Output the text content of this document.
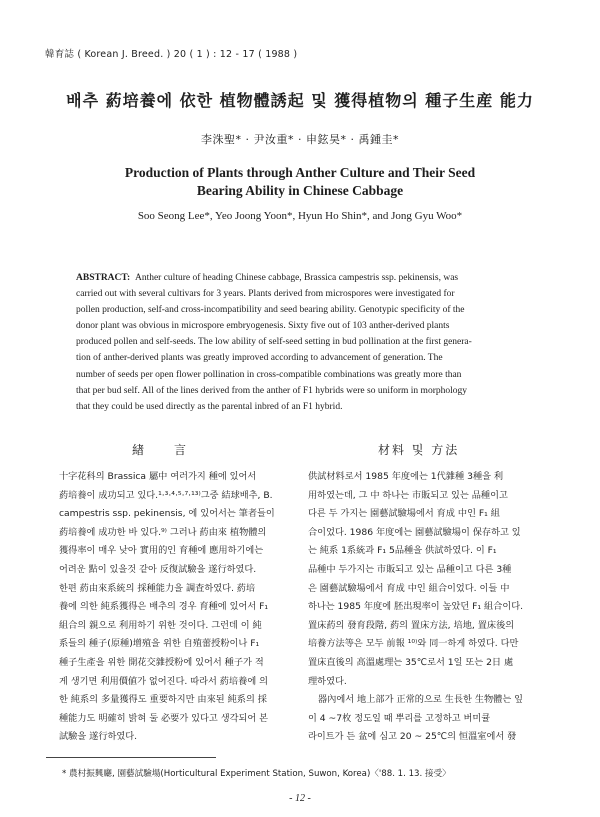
韓育誌 ( Korean J. Breed. ) 20 ( 1 ) : 12 - 17 ( 1988 )
배추 葯培養에 依한 植物體誘起 및 獲得植物의 種子生産 能力
李洙聖* · 尹汝重* · 申鉉昊* · 禹鍾圭*
Production of Plants through Anther Culture and Their Seed
Bearing Ability in Chinese Cabbage
Soo Seong Lee*, Yeo Joong Yoon*, Hyun Ho Shin*, and Jong Gyu Woo*
ABSTRACT: Anther culture of heading Chinese cabbage, Brassica campestris ssp. pekinensis, was
carried out with several cultivars for 3 years. Plants derived from microspores were investigated for
pollen production, self-and cross-incompatibility and seed bearing ability. Genotypic specificity of the
donor plant was obvious in microspore embryogenesis. Sixty five out of 103 anther-derived plants
produced pollen and self-seeds. The low ability of self-seed setting in bud pollination at the first genera-
tion of anther-derived plants was greatly improved according to advancement of generation. The
number of seeds per open flower pollination in cross-compatible combinations was greatly more than
that per bud self. All of the lines derived from the anther of F1 hybrids were so uniform in morphology
that they could be used directly as the parental inbred of an F1 hybrid.
緖　　言	材料 및 方法
十字花科의 Brassica 屬中 여러가지 種에 있어서
葯培養이 成功되고 있다.¹·³·⁴·⁵·⁷·¹³⁾그중 結球배추, B.
campestris ssp. pekinensis, 에 있어서는 筆者들이
葯培養에 成功한 바 있다.⁹⁾ 그러나 葯由來 植物體의
獲得率이 매우 낮아 實用的인 育種에 應用하기에는
어려운 點이 있을것 같아 反復試驗을 遂行하였다.
한편 葯由來系統의 採種能力을 調査하였다. 葯培
養에 의한 純系獲得은 배추의 경우 育種에 있어서 F₁
組合의 親으로 利用하기 위한 것이다. 그런데 이 純
系들의 種子(原種)增殖을 위한 自殖蕾授粉이나 F₁
種子生產을 위한 開花交雜授粉에 있어서 種子가 적
게 생기면 利用價値가 없어진다. 따라서 葯培養에 의
한 純系의 多量獲得도 重要하지만 由來된 純系의 採
種能力도 明確히 밝혀 둘 必要가 있다고 생각되어 본
試驗을 遂行하였다.
供試材料로서 1985 年度에는 1代雜種 3種을 利
用하였는데, 그 中 하나는 市販되고 있는 品種이고
다른 두 가지는 園藝試驗場에서 育成 中인 F₁ 組
合이었다. 1986 年度에는 園藝試驗場이 保存하고 있
는 純系 1系統과 F₁ 5品種을 供試하였다. 이 F₁
品種中 두가지는 市販되고 있는 品種이고 다른 3種
은 園藝試驗場에서 育成 中인 組合이었다. 이들 中
하나는 1985 年度에 胚出現率이 높았던 F₁ 組合이다.
置床葯의 發育段階, 葯의 置床方法, 培地, 置床後의
培養方法等은 모두 前報 ¹⁰⁾와 同一하게 하였다. 다만
置床直後의 高溫處理는 35℃로서 1일 또는 2日 處
理하였다.
器內에서 地上部가 正常的으로 生長한 生物體는 잎
이 4 ~7枚 정도일 때 뿌리를 고정하고 버미큘
라이트가 든 盆에 심고 20 ~ 25℃의 恒溫室에서 發
* 農村振興廳, 園藝試驗場(Horticultural Experiment Station, Suwon, Korea)〈'88. 1. 13. 接受〉
- 12 -
